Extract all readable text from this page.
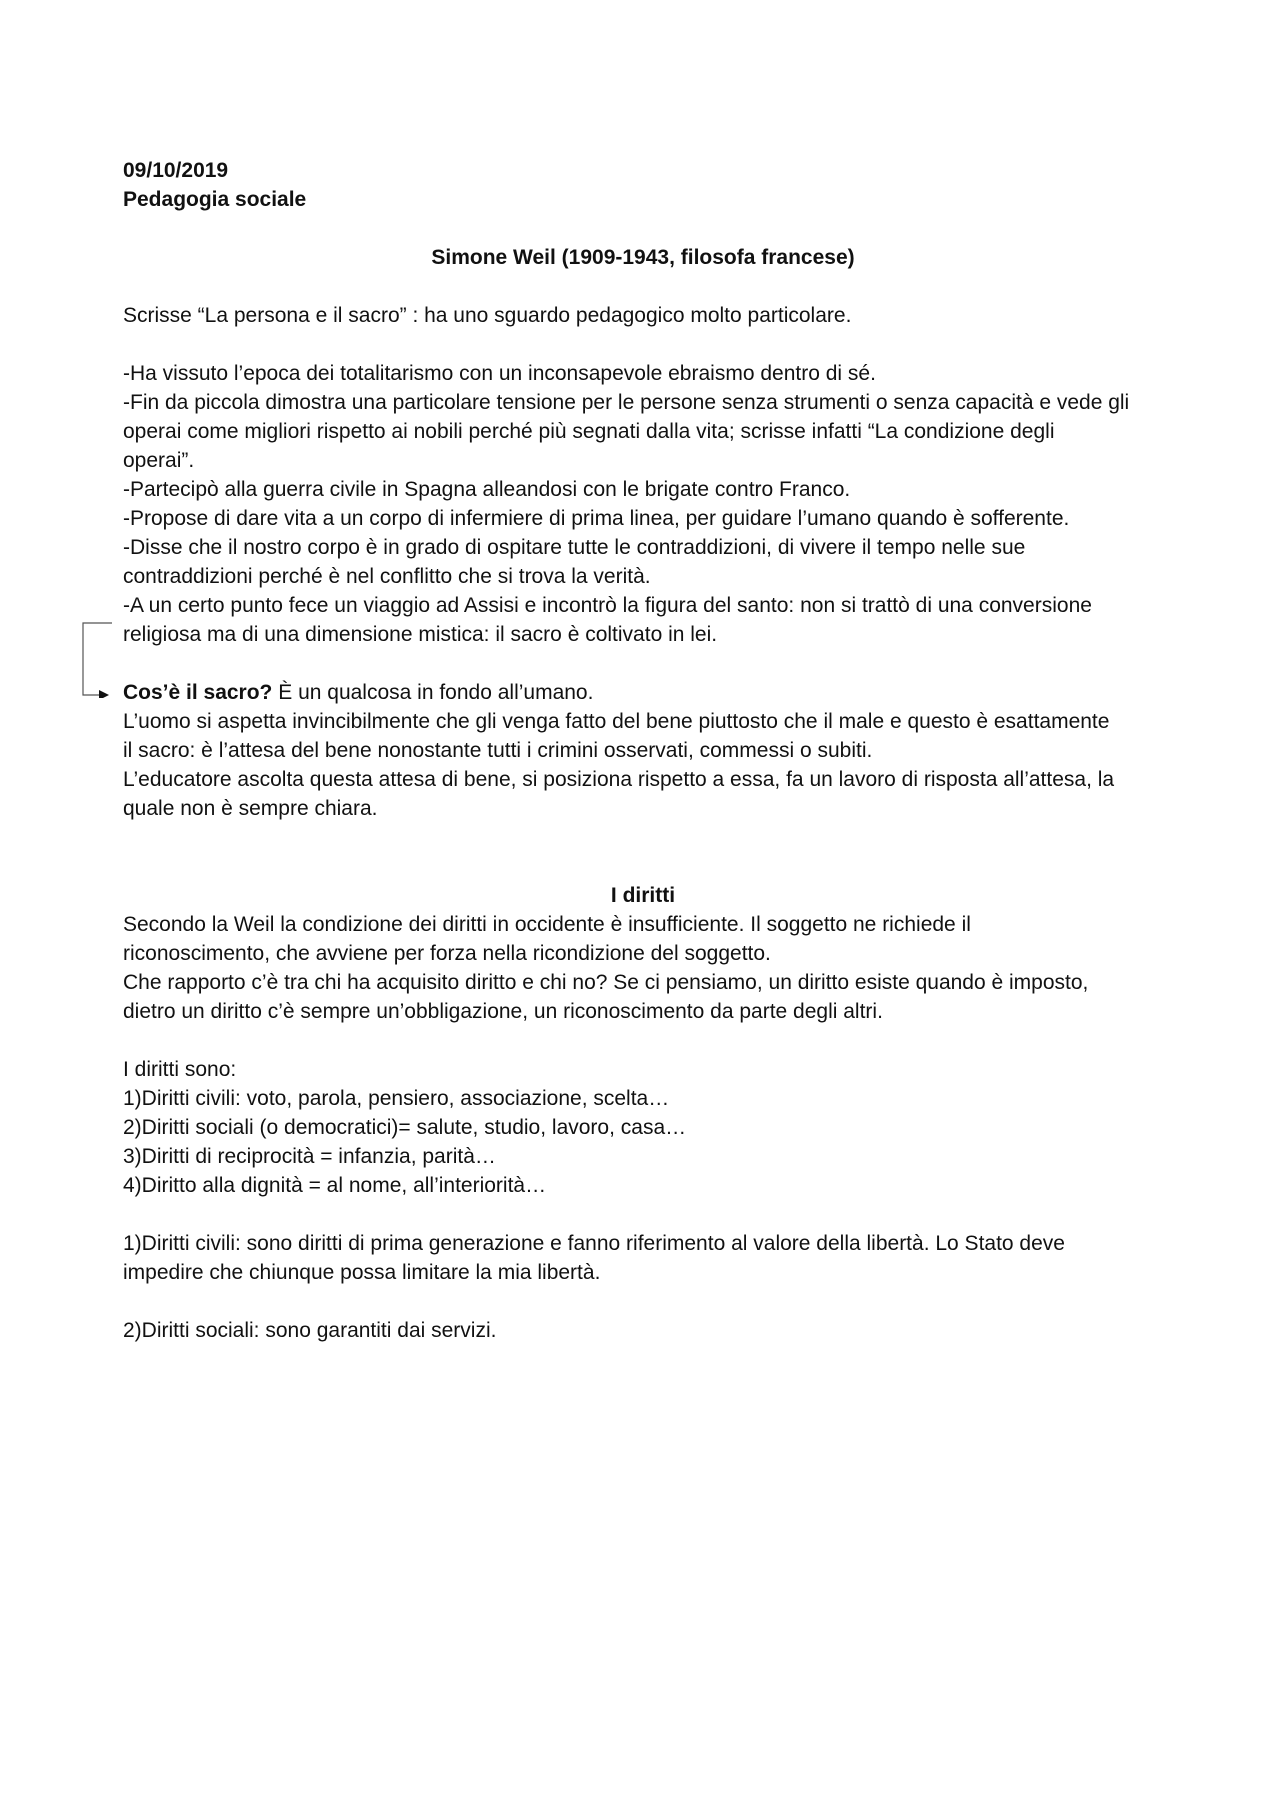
09/10/2019
Pedagogia sociale
Simone Weil (1909-1943, filosofa francese)
Scrisse “La persona e il sacro” : ha uno sguardo pedagogico molto particolare.
-Ha vissuto l’epoca dei totalitarismo con un inconsapevole ebraismo dentro di sé.
-Fin da piccola dimostra una particolare tensione per le persone senza strumenti o senza capacità e vede gli
operai come migliori rispetto ai nobili perché più segnati dalla vita; scrisse infatti “La condizione degli
operai”.
-Partecipò alla guerra civile in Spagna alleandosi con le brigate contro Franco.
-Propose di dare vita a un corpo di infermiere di prima linea, per guidare l’umano quando è sofferente.
-Disse che il nostro corpo è in grado di ospitare tutte le contraddizioni, di vivere il tempo nelle sue
contraddizioni perché è nel conflitto che si trova la verità.
-A un certo punto fece un viaggio ad Assisi e incontrò la figura del santo: non si trattò di una conversione
religiosa ma di una dimensione mistica: il sacro è coltivato in lei.
Cos’è il sacro? È un qualcosa in fondo all’umano.
L’uomo si aspetta invincibilmente che gli venga fatto del bene piuttosto che il male e questo è esattamente
il sacro: è l’attesa del bene nonostante tutti i crimini osservati, commessi o subiti.
L’educatore ascolta questa attesa di bene, si posiziona rispetto a essa, fa un lavoro di risposta all’attesa, la
quale non è sempre chiara.
I diritti
Secondo la Weil la condizione dei diritti in occidente è insufficiente. Il soggetto ne richiede il
riconoscimento, che avviene per forza nella ricondizione del soggetto.
Che rapporto c’è tra chi ha acquisito diritto e chi no? Se ci pensiamo, un diritto esiste quando è imposto,
dietro un diritto c’è sempre un’obbligazione, un riconoscimento da parte degli altri.
I diritti sono:
1)Diritti civili: voto, parola, pensiero, associazione, scelta…
2)Diritti sociali (o democratici)= salute, studio, lavoro, casa…
3)Diritti di reciprocità = infanzia, parità…
4)Diritto alla dignità = al nome, all’interiorità…
1)Diritti civili: sono diritti di prima generazione e fanno riferimento al valore della libertà. Lo Stato deve
impedire che chiunque possa limitare la mia libertà.
2)Diritti sociali: sono garantiti dai servizi.
